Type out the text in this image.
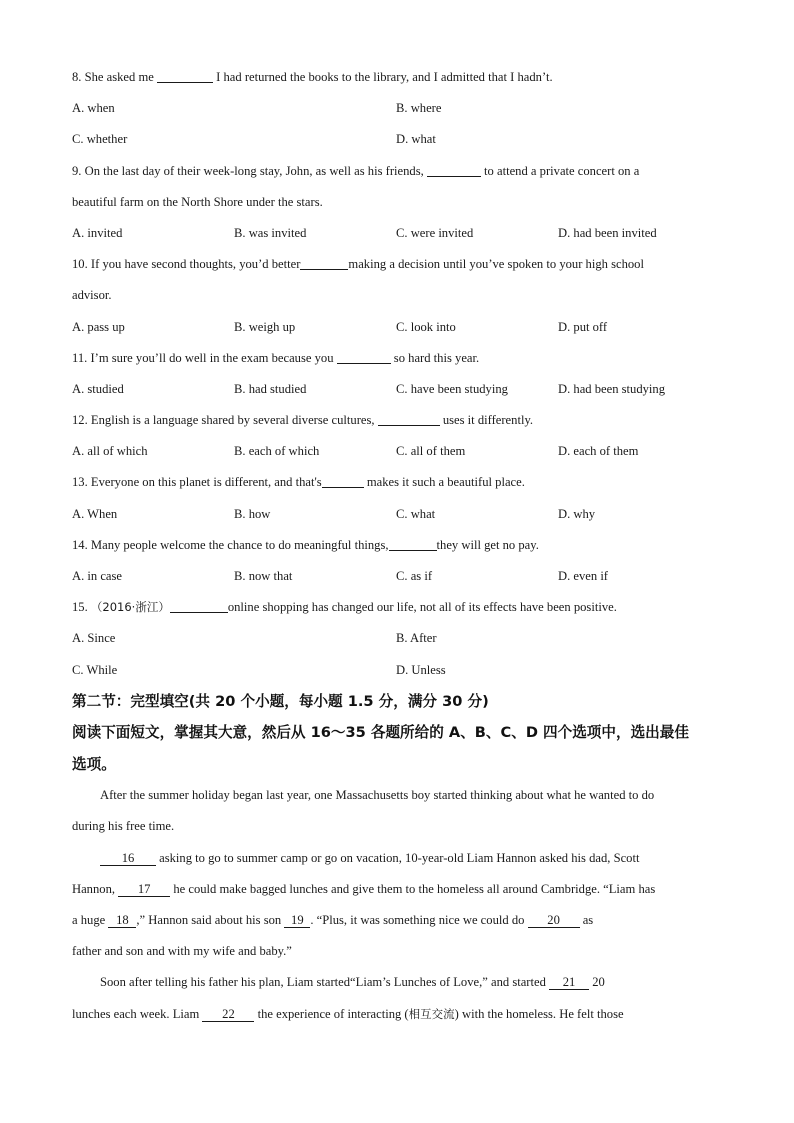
8. She asked me	I had returned the books to the library, and I admitted that I hadn’t.
A. when	B. where
C. whether	D. what
9. On the last day of their week-long stay, John, as well as his friends,	to attend a private concert on a
beautiful farm on the North Shore under the stars.
A. invited	B. was invited	C. were invited	D. had been invited
10. If you have second thoughts, you’d better	making a decision until you’ve spoken to your high school
advisor.
A. pass up	B. weigh up	C. look into	D. put off
11. I’m sure you’ll do well in the exam because you	so hard this year.
A. studied	B. had studied	C. have been studying	D. had been studying
12. English is a language shared by several diverse cultures,	uses it differently.
A. all of which	B. each of which	C. all of them	D. each of them
13. Everyone on this planet is different, and that's	makes it such a beautiful place.
A. When	B. how	C. what	D. why
14. Many people welcome the chance to do meaningful things,	they will get no pay.
A. in case	B. now that	C. as if	D. even if
15. （2016·浙江）	online shopping has changed our life, not all of its effects have been positive.
A. Since	B. After
C. While	D. Unless
第二节：完型填空(共 20 个小题，每小题 1.5 分，满分 30 分)
阅读下面短文，掌握其大意，然后从 16～35 各题所给的 A、B、C、D 四个选项中，选出最佳
选项。
After the summer holiday began last year, one Massachusetts boy started thinking about what he wanted to do
during his free time.
16 asking to go to summer camp or go on vacation, 10-year-old Liam Hannon asked his dad, Scott
Hannon, 17 he could make bagged lunches and give them to the homeless all around Cambridge. “Liam has
a huge 18 ,” Hannon said about his son 19 . “Plus, it was something nice we could do 20 as
father and son and with my wife and baby.”
Soon after telling his father his plan, Liam started“Liam’s Lunches of Love,” and started 21 20
lunches each week. Liam 22 the experience of interacting (相互交流) with the homeless. He felt those
